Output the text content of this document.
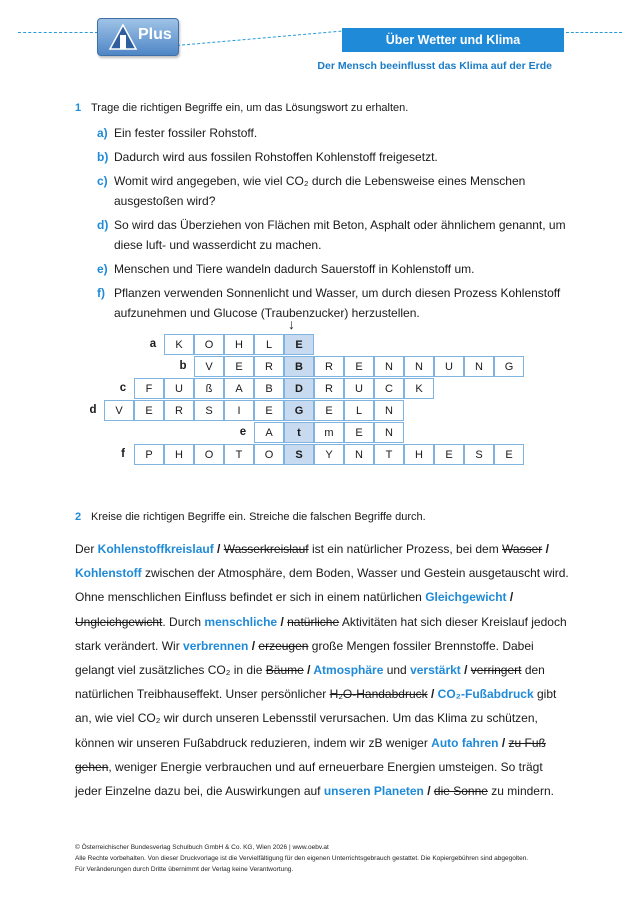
Plus	Über Wetter und Klima
Der Mensch beeinflusst das Klima auf der Erde
1 Trage die richtigen Begriffe ein, um das Lösungswort zu erhalten.
a) Ein fester fossiler Rohstoff.
b) Dadurch wird aus fossilen Rohstoffen Kohlenstoff freigesetzt.
c) Womit wird angegeben, wie viel CO₂ durch die Lebensweise eines Menschen ausgestoßen wird?
d) So wird das Überziehen von Flächen mit Beton, Asphalt oder ähnlichem genannt, um diese luft- und wasserdicht zu machen.
e) Menschen und Tiere wandeln dadurch Sauerstoff in Kohlenstoff um.
f) Pflanzen verwenden Sonnenlicht und Wasser, um durch diesen Prozess Kohlenstoff aufzunehmen und Glucose (Traubenzucker) herzustellen.
↓
a	K	O	H	L	E
b	V	E	R	B	R	E	N	N	U	N	G
c	F	U	ß	A	B	D	R	U	C	K
d	V	E	R	S	I	E	G	E	L	N
e	A	t	m	E	N
f	P	H	O	T	O	S	Y	N	T	H	E	S	E
2 Kreise die richtigen Begriffe ein. Streiche die falschen Begriffe durch.
Der Kohlenstoffkreislauf / Wasserkreislauf ist ein natürlicher Prozess, bei dem Wasser / Kohlenstoff zwischen der Atmosphäre, dem Boden, Wasser und Gestein ausgetauscht wird. Ohne menschlichen Einfluss befindet er sich in einem natürlichen Gleichgewicht / Ungleichgewicht. Durch menschliche / natürliche Aktivitäten hat sich dieser Kreislauf jedoch stark verändert. Wir verbrennen / erzeugen große Mengen fossiler Brennstoffe. Dabei gelangt viel zusätzliches CO₂ in die Bäume / Atmosphäre und verstärkt / verringert den natürlichen Treibhauseffekt. Unser persönlicher H₂O-Handabdruck / CO₂-Fußabdruck gibt an, wie viel CO₂ wir durch unseren Lebensstil verursachen. Um das Klima zu schützen, können wir unseren Fußabdruck reduzieren, indem wir zB weniger Auto fahren / zu Fuß gehen, weniger Energie verbrauchen und auf erneuerbare Energien umsteigen. So trägt jeder Einzelne dazu bei, die Auswirkungen auf unseren Planeten / die Sonne zu mindern.
© Österreichischer Bundesverlag Schulbuch GmbH & Co. KG, Wien 2026 | www.oebv.at
Alle Rechte vorbehalten. Von dieser Druckvorlage ist die Vervielfältigung für den eigenen Unterrichtsgebrauch gestattet. Die Kopiergebühren sind abgegolten.
Für Veränderungen durch Dritte übernimmt der Verlag keine Verantwortung.
